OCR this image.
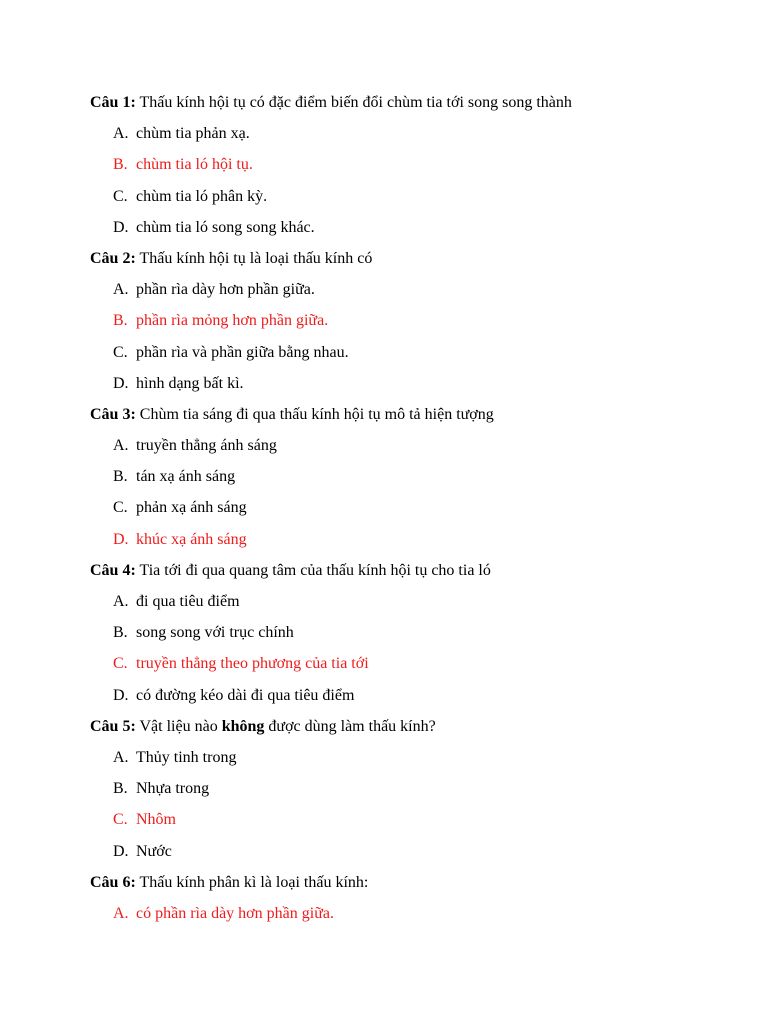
Câu 1: Thấu kính hội tụ có đặc điểm biến đổi chùm tia tới song song thành
A. chùm tia phản xạ.
B. chùm tia ló hội tụ.
C. chùm tia ló phân kỳ.
D. chùm tia ló song song khác.
Câu 2: Thấu kính hội tụ là loại thấu kính có
A. phần rìa dày hơn phần giữa.
B. phần rìa mỏng hơn phần giữa.
C. phần rìa và phần giữa bằng nhau.
D. hình dạng bất kì.
Câu 3: Chùm tia sáng đi qua thấu kính hội tụ mô tả hiện tượng
A. truyền thẳng ánh sáng
B. tán xạ ánh sáng
C. phản xạ ánh sáng
D. khúc xạ ánh sáng
Câu 4: Tia tới đi qua quang tâm của thấu kính hội tụ cho tia ló
A. đi qua tiêu điểm
B. song song với trục chính
C. truyền thẳng theo phương của tia tới
D. có đường kéo dài đi qua tiêu điểm
Câu 5: Vật liệu nào không được dùng làm thấu kính?
A. Thủy tinh trong
B. Nhựa trong
C. Nhôm
D. Nước
Câu 6: Thấu kính phân kì là loại thấu kính:
A. có phần rìa dày hơn phần giữa.
